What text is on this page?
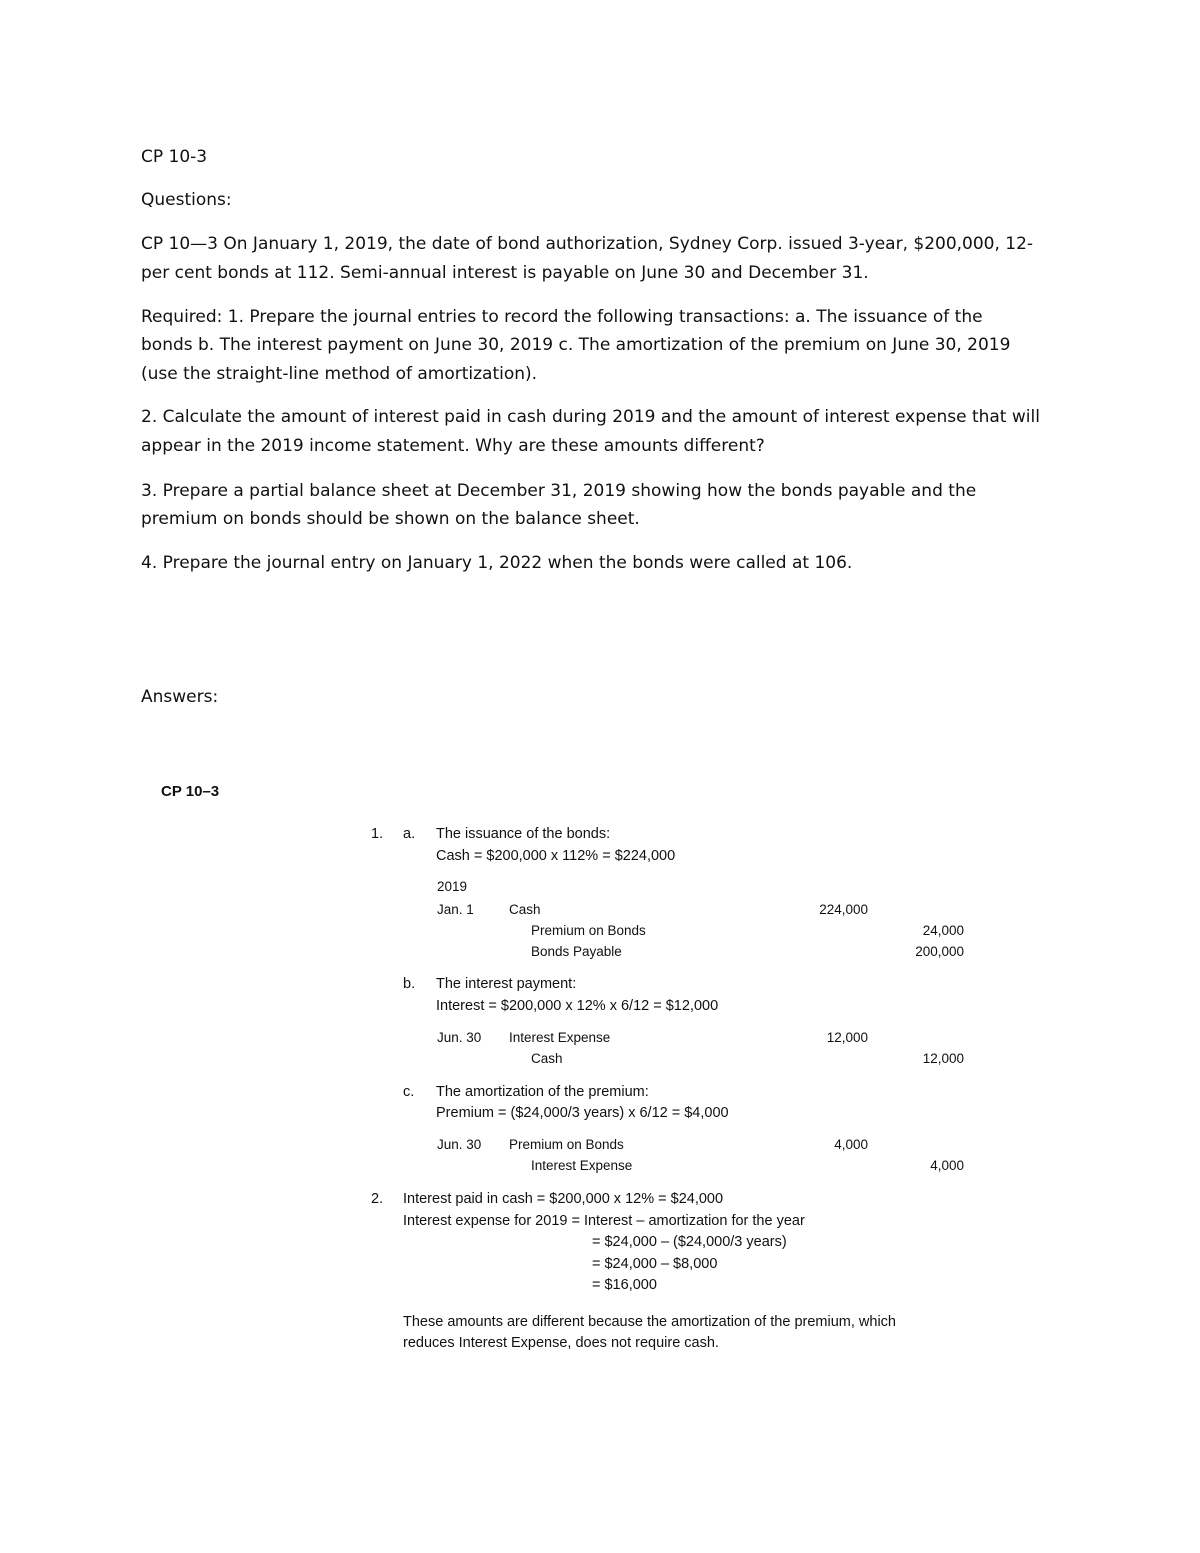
CP 10-3
Questions:
CP 10—3 On January 1, 2019, the date of bond authorization, Sydney Corp. issued 3-year, $200,000, 12-
per cent bonds at 112. Semi-annual interest is payable on June 30 and December 31.
Required: 1. Prepare the journal entries to record the following transactions: a. The issuance of the
bonds b. The interest payment on June 30, 2019 c. The amortization of the premium on June 30, 2019
(use the straight-line method of amortization).
2. Calculate the amount of interest paid in cash during 2019 and the amount of interest expense that will
appear in the 2019 income statement. Why are these amounts different?
3. Prepare a partial balance sheet at December 31, 2019 showing how the bonds payable and the
premium on bonds should be shown on the balance sheet.
4. Prepare the journal entry on January 1, 2022 when the bonds were called at 106.
Answers:
CP 10–3
1. a. The issuance of the bonds:
Cash = $200,000 x 112% = $224,000
2019
Jan. 1	Cash	224,000
Premium on Bonds	24,000
Bonds Payable	200,000
b. The interest payment:
Interest = $200,000 x 12% x 6/12 = $12,000
Jun. 30 Interest Expense	12,000
Cash	12,000
c. The amortization of the premium:
Premium = ($24,000/3 years) x 6/12 = $4,000
Jun. 30 Premium on Bonds	4,000
Interest Expense	4,000
2. Interest paid in cash = $200,000 x 12% = $24,000
Interest expense for 2019 = Interest – amortization for the year
= $24,000 – ($24,000/3 years)
= $24,000 – $8,000
= $16,000
These amounts are different because the amortization of the premium, which
reduces Interest Expense, does not require cash.
